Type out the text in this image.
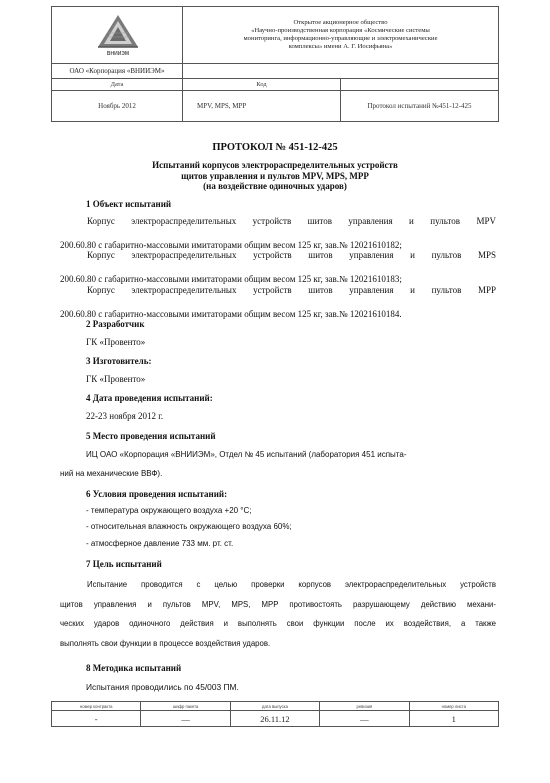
ВНИИЭМ	Открытое акционерное общество
«Научно-производственная корпорация «Космические системы
мониторинга, информационно-управляющие и электромеханические
комплексы» имени А. Г. Иосифьяна»	

ОАО «Корпорация «ВНИИЭМ»		
Дата	Код	
Ноябрь 2012	MPV, MPS, MPP	Протокол испытаний №451-12-425
ПРОТОКОЛ № 451-12-425
Испытаний корпусов электрораспределительных устройств
щитов управления и пультов MPV, MPS, MPP
(на воздействие одиночных ударов)
1 Объект испытаний
Корпус электрораспределительных устройств шитов управления и пультов MPV
200.60.80 с габаритно-массовыми имитаторами общим весом 125 кг, зав.№ 12021610182;
Корпус электрораспределительных устройств шитов управления и пультов MPS
200.60.80 с габаритно-массовыми имитаторами общим весом 125 кг, зав.№ 12021610183;
Корпус электрораспределительных устройств шитов управления и пультов MPP
200.60.80 с габаритно-массовыми имитаторами общим весом 125 кг, зав.№ 12021610184.
2 Разработчик
ГК «Провенто»
3 Изготовитель:
ГК «Провенто»
4 Дата проведения испытаний:
22-23 ноября 2012 г.
5 Место проведения испытаний
ИЦ ОАО «Корпорация «ВНИИЭМ», Отдел № 45 испытаний (лаборатория 451 испыта-
ний на механические ВВФ).
6 Условия проведения испытаний:
- температура окружающего воздуха +20 °С;
- относительная влажность окружающего воздуха 60%;
- атмосферное давление 733 мм. рт. ст.
7 Цель испытаний
Испытание проводится с целью проверки корпусов электрораспределительных устройств
щитов управления и пультов MPV, MPS, MPP противостоять разрушающему действию механи-
ческих ударов одиночного действия и выполнять свои функции после их воздействия, а также
выполнять свои функции в процессе воздействия ударов.
8 Методика испытаний
Испытания проводились по 45/003 ПМ.
номер контракта	шифр пакета	дата выпуска	ревизия	номер листа
-	—	26.11.12	—	1
